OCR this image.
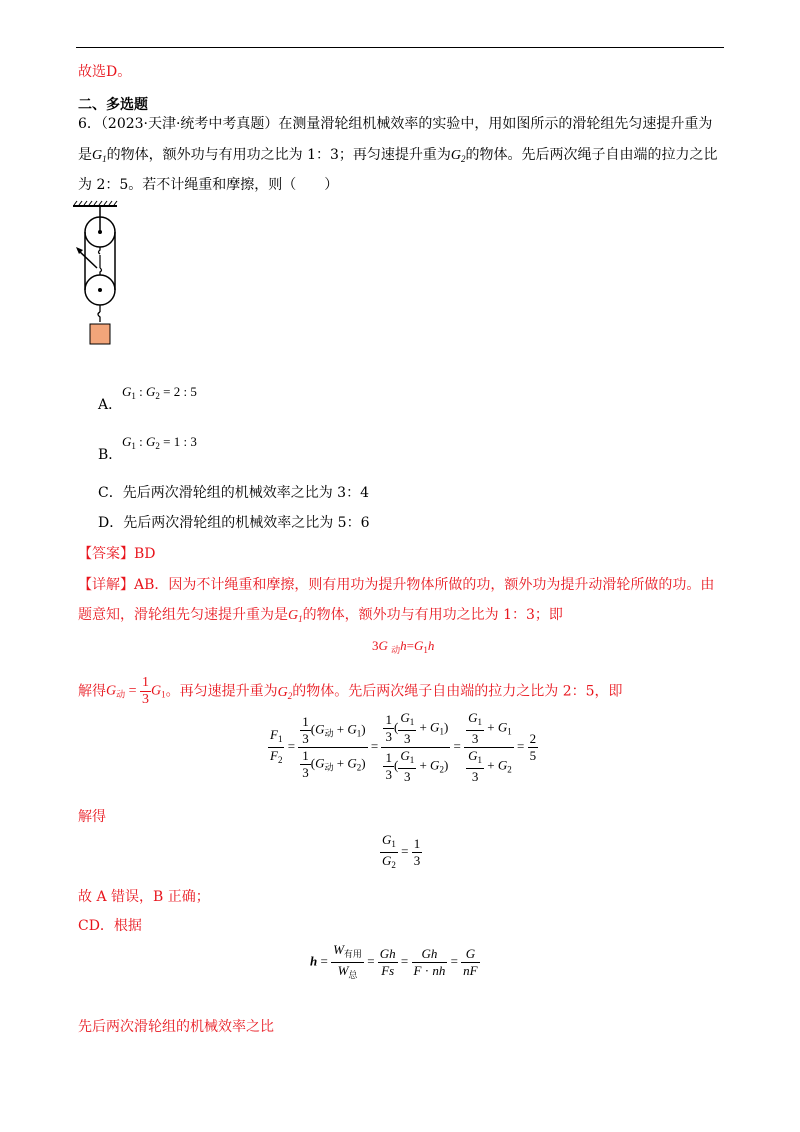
故选D。
二、多选题
6．（2023·天津·统考中考真题）在测量滑轮组机械效率的实验中，用如图所示的滑轮组先匀速提升重为
是$G_1$的物体，额外功与有用功之比为 1：3；再匀速提升重为$G_2$的物体。先后两次绳子自由端的拉力之比
为 2：5。若不计绳重和摩擦，则（　　）
A．
$G_1$ : $G_2 = 2$ : 5
B．
$G_1$ : $G_2 = 1$ : 3
C．先后两次滑轮组的机械效率之比为 3：4
D．先后两次滑轮组的机械效率之比为 5：6
【答案】BD
【详解】AB．因为不计绳重和摩擦，则有用功为提升物体所做的功，额外功为提升动滑轮所做的功。由
题意知，滑轮组先匀速提升重为是$G_1$的物体，额外功与有用功之比为 1：3；即
3G $_动h=G_1h$
解得$G_动 = \frac{1}{3} G_1$。再匀速提升重为$G_2$的物体。先后两次绳子自由端的拉力之比为 2：5，即
$\frac{F_1}{F_2} = \frac{\frac{1}{3} (G_动 + G_1)}{\frac{1}{3} (G_动 + G_2)} = \frac{\frac{1}{3} ( \frac{G_1}{3} + G_1)}{\frac{1}{3} ( \frac{G_1}{3} + G_2)} = \frac{\frac{G_1}{3} + G_1}{\frac{G_1}{3} + G_2} = \frac{2}{5}$
解得
$\frac{G_1}{G_2} = \frac{1}{3}$
故 A 错误，B 正确；
CD．根据
$h = \frac{W_{有用}}{W_总} = \frac{Gh}{Fs} = \frac{Gh}{F \cdot nh} = \frac{G}{nF}$
先后两次滑轮组的机械效率之比
